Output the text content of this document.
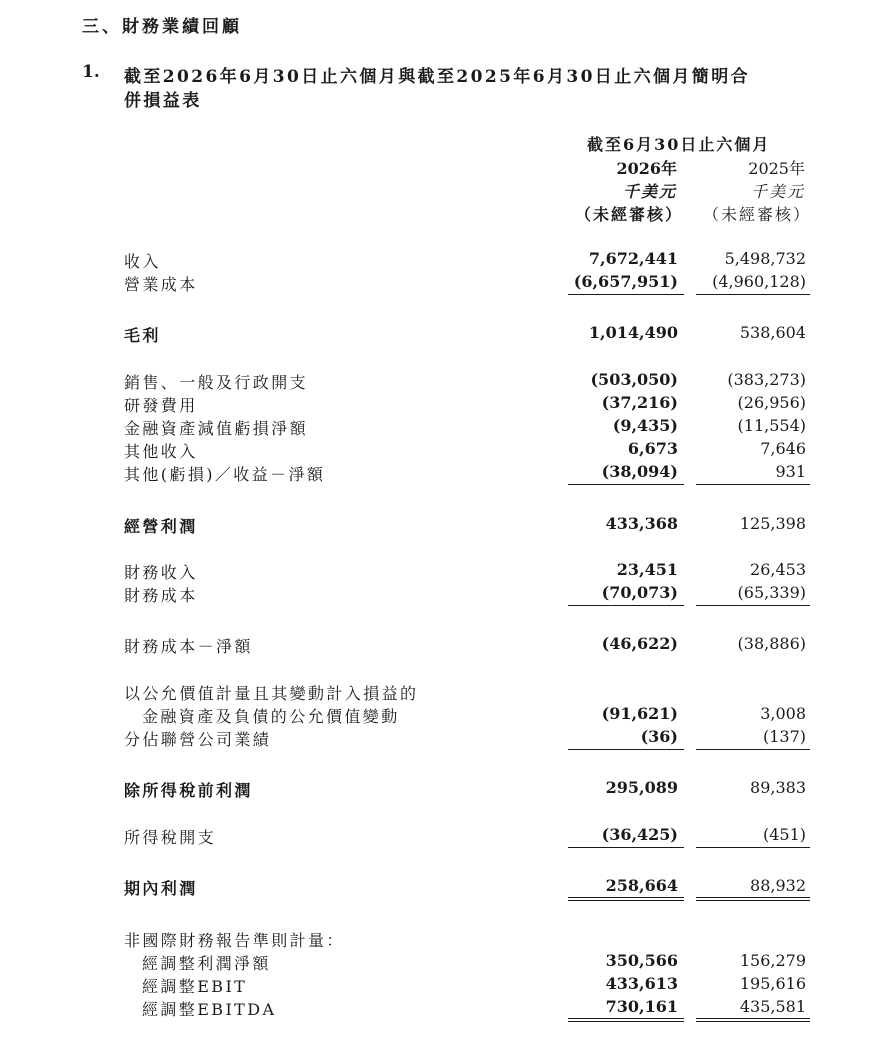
三、財務業績回顧
1. 截至2026年6月30日止六個月與截至2025年6月30日止六個月簡明合
併損益表
截至6月30日止六個月
2026年	2025年
千美元	千美元
（未經審核） （未經審核）
收入	7,672,441	5,498,732
營業成本	(6,657,951) (4,960,128)
毛利	1,014,490	538,604
銷售、一般及行政開支	(503,050)	(383,273)
研發費用	(37,216)	(26,956)
金融資產減值虧損淨額	(9,435)	(11,554)
其他收入	6,673	7,646
其他(虧損)／收益－淨額	(38,094)	931
經營利潤	433,368	125,398
財務收入	23,451	26,453
財務成本	(70,073)	(65,339)
財務成本－淨額	(46,622)	(38,886)
以公允價值計量且其變動計入損益的
金融資產及負債的公允價值變動	(91,621)	3,008
分佔聯營公司業績	(36)	(137)
除所得稅前利潤	295,089	89,383
所得稅開支	(36,425)	(451)
期內利潤	258,664	88,932
非國際財務報告準則計量：
經調整利潤淨額	350,566	156,279
經調整EBIT	433,613	195,616
經調整EBITDA	730,161	435,581
